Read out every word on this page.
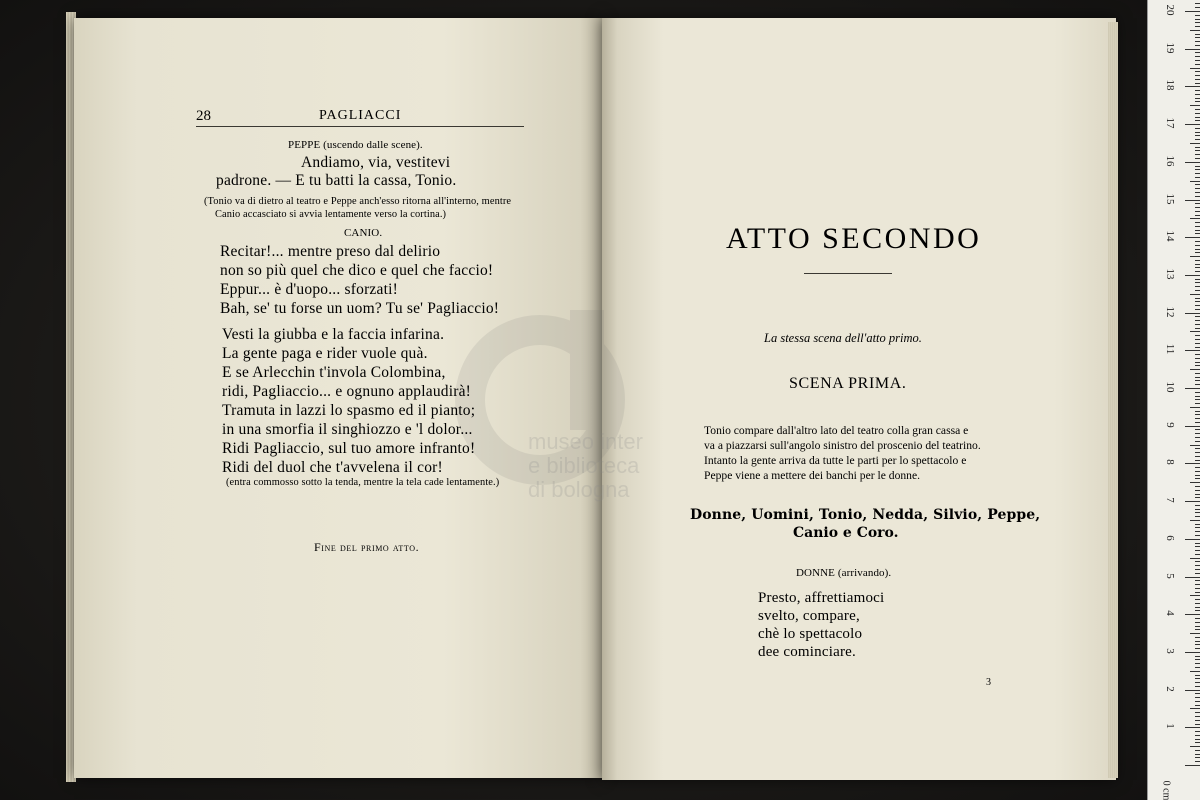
museo inter
e biblioteca
di bologna
28	PAGLIACCI
PEPPE (uscendo dalle scene).
Andiamo, via, vestitevi
padrone. — E tu batti la cassa, Tonio.
(Tonio va di dietro al teatro e Peppe anch'esso ritorna all'interno, mentre
Canio accasciato si avvia lentamente verso la cortina.)
CANIO.
Recitar!... mentre preso dal delirio
non so più quel che dico e quel che faccio!
Eppur... è d'uopo... sforzati!
Bah, se' tu forse un uom? Tu se' Pagliaccio!
Vesti la giubba e la faccia infarina.
La gente paga e rider vuole quà.
E se Arlecchin t'invola Colombina,
ridi, Pagliaccio... e ognuno applaudirà!
Tramuta in lazzi lo spasmo ed il pianto;
in una smorfia il singhiozzo e 'l dolor...
Ridi Pagliaccio, sul tuo amore infranto!
Ridi del duol che t'avvelena il cor!
(entra commosso sotto la tenda, mentre la tela cade lentamente.)
Fine del primo atto.
ATTO SECONDO
La stessa scena dell'atto primo.
SCENA PRIMA.
Tonio compare dall'altro lato del teatro colla gran cassa e
va a piazzarsi sull'angolo sinistro del proscenio del teatrino.
Intanto la gente arriva da tutte le parti per lo spettacolo e
Peppe viene a mettere dei banchi per le donne.
Donne, Uomini, Tonio, Nedda, Silvio, Peppe,
Canio e Coro.
DONNE (arrivando).
Presto, affrettiamoci
svelto, compare,
chè lo spettacolo
dee cominciare.
3
0 cm
1
2
3
4
5
6
7
8
9
10
11
12
13
14
15
16
17
18
19
20
